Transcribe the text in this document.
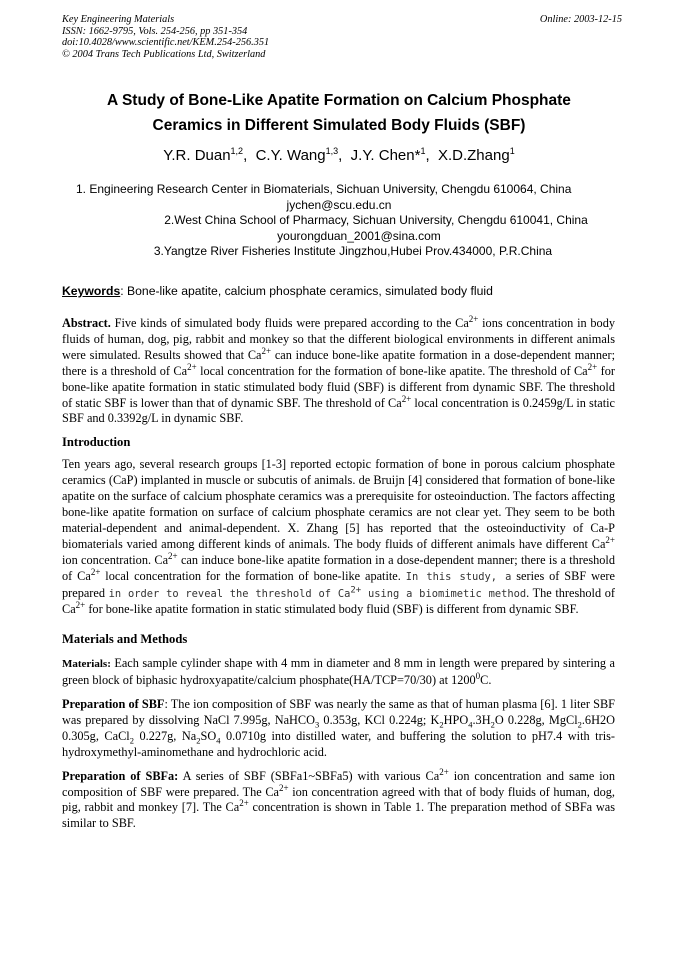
Key Engineering Materials	Online: 2003-12-15
ISSN: 1662-9795, Vols. 254-256, pp 351-354
doi:10.4028/www.scientific.net/KEM.254-256.351
© 2004 Trans Tech Publications Ltd, Switzerland
A Study of Bone-Like Apatite Formation on Calcium Phosphate
Ceramics in Different Simulated Body Fluids (SBF)
Y.R. Duan$^{1,2}$,  C.Y. Wang$^{1,3}$,  J.Y. Chen*$^1$,  X.D.Zhang$^1$
1. Engineering Research Center in Biomaterials, Sichuan University, Chengdu 610064, China
jychen@scu.edu.cn
2.West China School of Pharmacy, Sichuan University, Chengdu 610041, China
yourongduan_2001@sina.com
3.Yangtze River Fisheries Institute Jingzhou,Hubei Prov.434000, P.R.China
Keywords: Bone-like apatite, calcium phosphate ceramics, simulated body fluid

Abstract. Five kinds of simulated body fluids were prepared according to the $Ca^{2+}$ ions concentration in body fluids of human, dog, pig, rabbit and monkey so that the different biological environments in different animals were simulated. Results showed that $Ca^{2+}$ can induce bone-like apatite formation in a dose-dependent manner; there is a threshold of $Ca^{2+}$ local concentration for the formation of bone-like apatite. The threshold of $Ca^{2+}$ for bone-like apatite formation in static stimulated body fluid (SBF) is different from dynamic SBF. The threshold of static SBF is lower than that of dynamic SBF. The threshold of $Ca^{2+}$ local concentration is 0.2459g/L in static SBF and 0.3392g/L in dynamic SBF.

Introduction

Ten years ago, several research groups [1-3] reported ectopic formation of bone in porous calcium phosphate ceramics (CaP) implanted in muscle or subcutis of animals. de Bruijn [4] considered that formation of bone-like apatite on the surface of calcium phosphate ceramics was a prerequisite for osteoinduction. The factors affecting bone-like apatite formation on surface of calcium phosphate ceramics are not clear yet. They seem to be both material-dependent and animal-dependent. X. Zhang [5] has reported that the osteoinductivity of Ca-P biomaterials varied among different kinds of animals. The body fluids of different animals have different $Ca^{2+}$ ion concentration. $Ca^{2+}$ can induce bone-like apatite formation in a dose-dependent manner; there is a threshold of $Ca^{2+}$ local concentration for the formation of bone-like apatite. In this study, a series of SBF were prepared in order to reveal the threshold of $Ca^{2+}$ using a biomimetic method. The threshold of $Ca^{2+}$ for bone-like apatite formation in static stimulated body fluid (SBF) is different from dynamic SBF.

Materials and Methods

Materials: Each sample cylinder shape with 4 mm in diameter and 8 mm in length were prepared by sintering a green block of biphasic hydroxyapatite/calcium phosphate(HA/TCP=70/30) at 1200$^0$C.

Preparation of SBF: The ion composition of SBF was nearly the same as that of human plasma [6]. 1 liter SBF was prepared by dissolving NaCl 7.995g, NaHCO$_3$ 0.353g, KCl 0.224g; $K_2HPO_4.3H_2O$ 0.228g, MgCl$_2$.6H2O 0.305g, CaCl$_2$ 0.227g, $Na_2SO_4$ 0.0710g into distilled water, and buffering the solution to pH7.4 with tris-hydroxymethyl-aminomethane and hydrochloric acid.

Preparation of SBFa: A series of SBF (SBFa1~SBFa5) with various $Ca^{2+}$ ion concentration and same ion composition of SBF were prepared. The $Ca^{2+}$ ion concentration agreed with that of body fluids of human, dog, pig, rabbit and monkey [7]. The $Ca^{2+}$ concentration is shown in Table 1. The preparation method of SBFa was similar to SBF.
